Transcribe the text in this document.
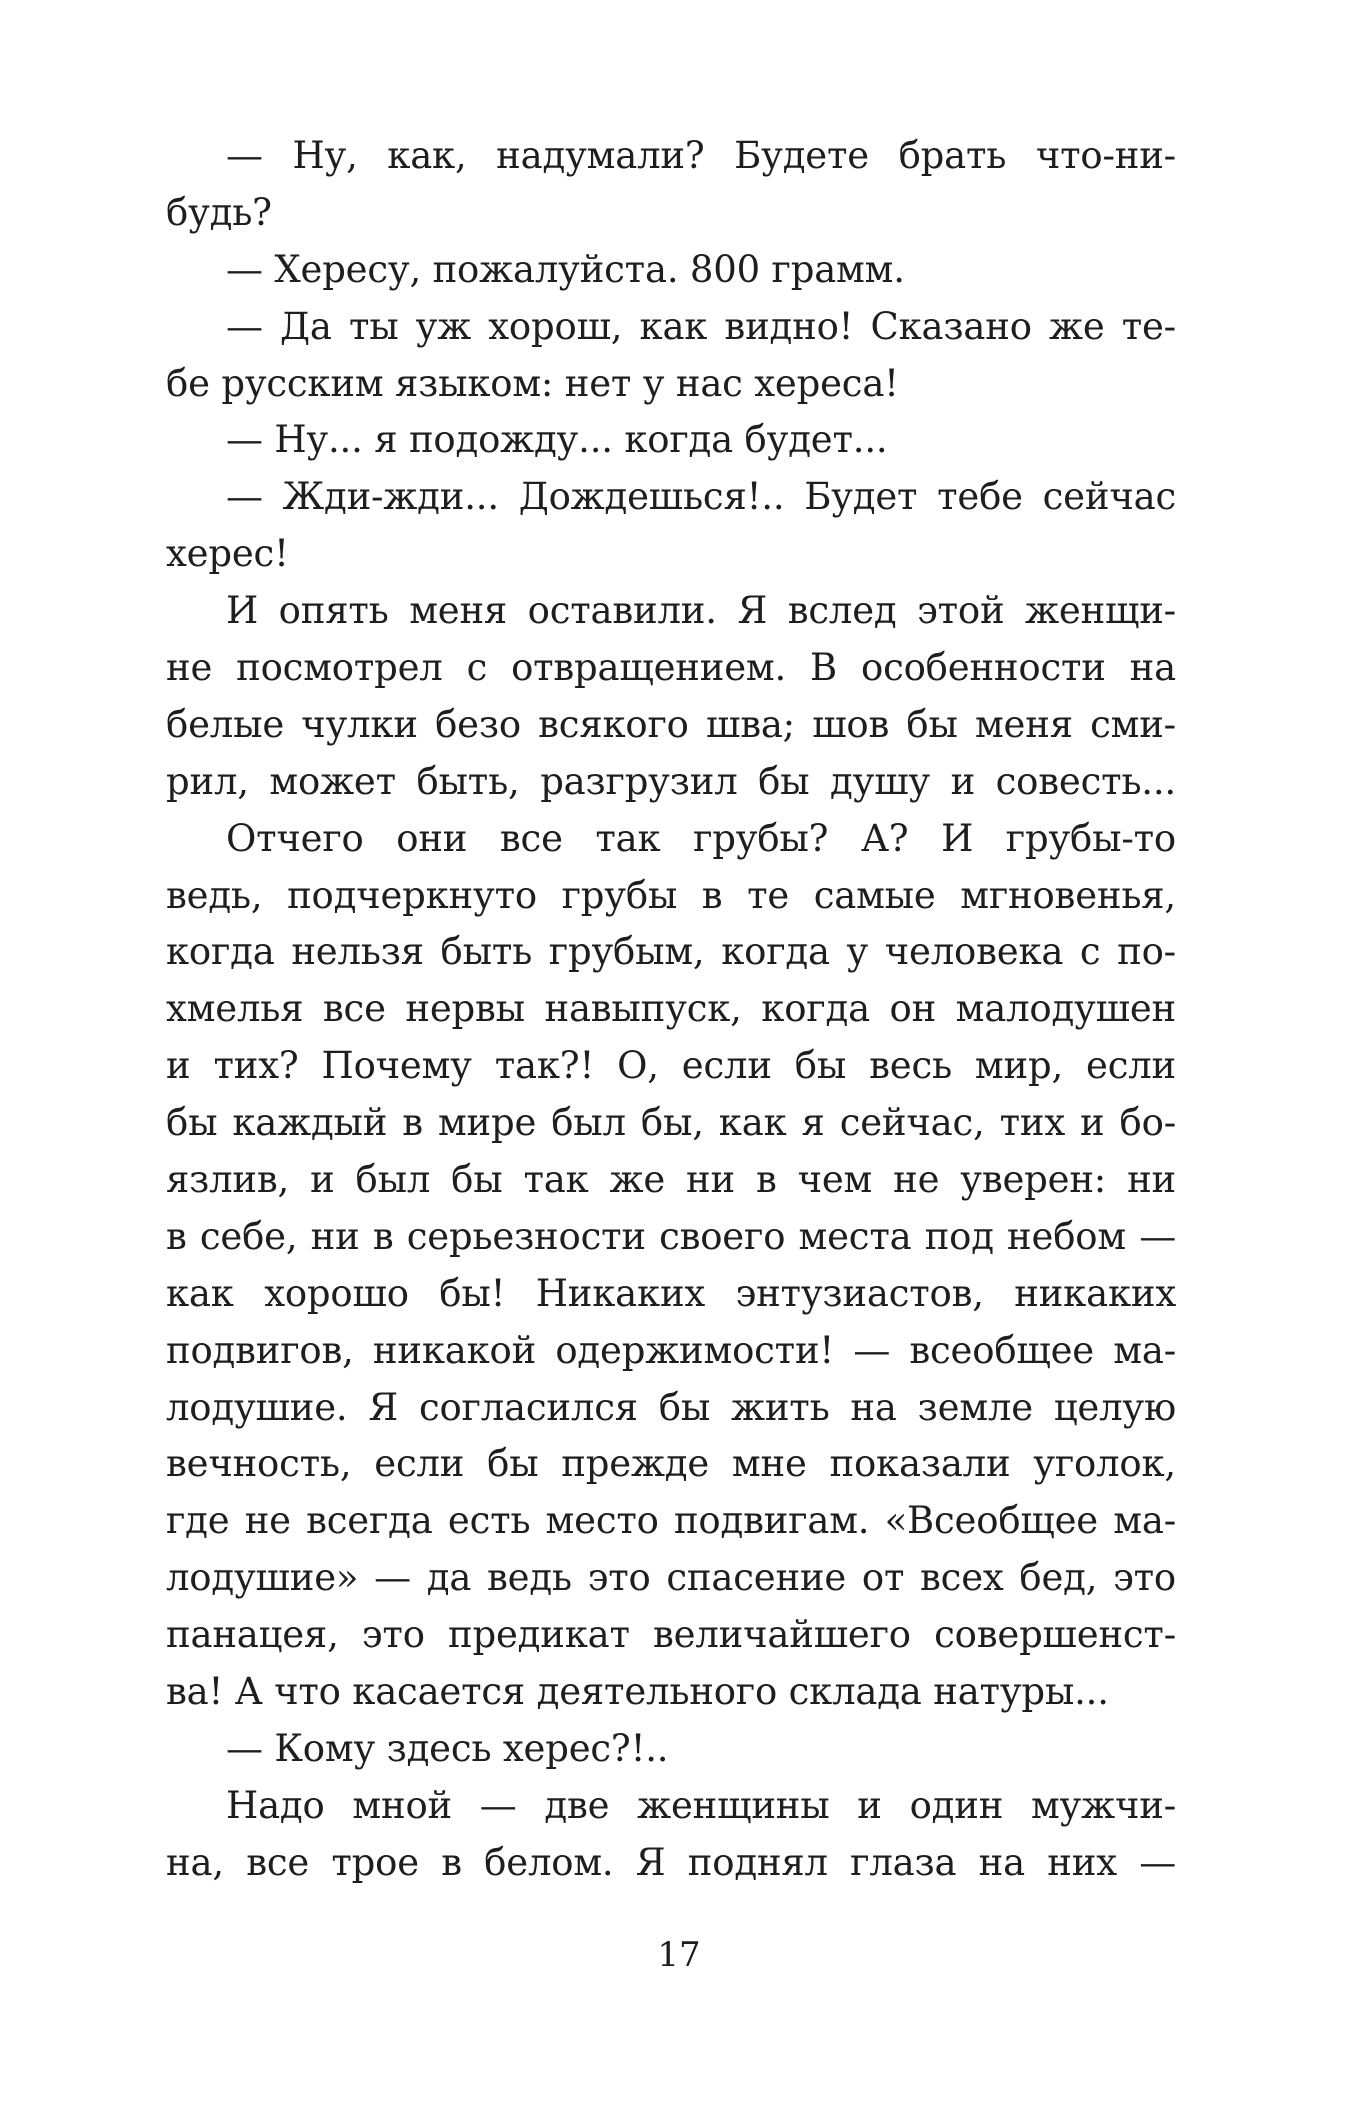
— Ну, как, надумали? Будете брать что-ни-
будь?
— Хересу, пожалуйста. 800 грамм.
— Да ты уж хорош, как видно! Сказано же те-
бе русским языком: нет у нас хереса!
— Ну... я подожду... когда будет...
— Жди-жди... Дождешься!.. Будет тебе сейчас
херес!
И опять меня оставили. Я вслед этой женщи-
не посмотрел с отвращением. В особенности на
белые чулки безо всякого шва; шов бы меня сми-
рил, может быть, разгрузил бы душу и совесть...
Отчего они все так грубы? А? И грубы-то
ведь, подчеркнуто грубы в те самые мгновенья,
когда нельзя быть грубым, когда у человека с по-
хмелья все нервы навыпуск, когда он малодушен
и тих? Почему так?! О, если бы весь мир, если
бы каждый в мире был бы, как я сейчас, тих и бо-
язлив, и был бы так же ни в чем не уверен: ни
в себе, ни в серьезности своего места под небом —
как хорошо бы! Никаких энтузиастов, никаких
подвигов, никакой одержимости! — всеобщее ма-
лодушие. Я согласился бы жить на земле целую
вечность, если бы прежде мне показали уголок,
где не всегда есть место подвигам. «Всеобщее ма-
лодушие» — да ведь это спасение от всех бед, это
панацея, это предикат величайшего совершенст-
ва! А что касается деятельного склада натуры...
— Кому здесь херес?!..
Надо мной — две женщины и один мужчи-
на, все трое в белом. Я поднял глаза на них —
17
